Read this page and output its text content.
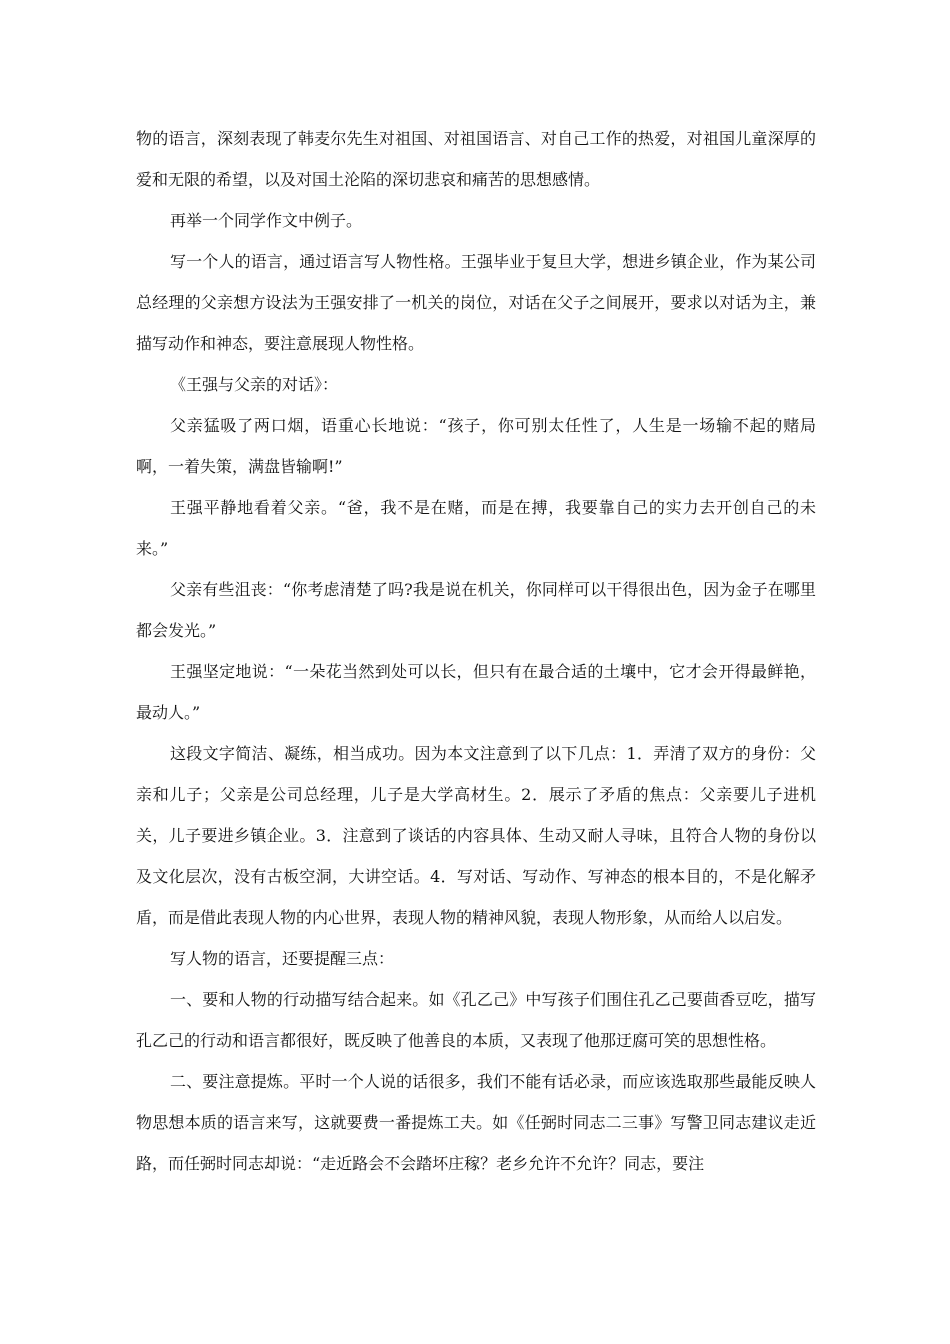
物的语言，深刻表现了韩麦尔先生对祖国、对祖国语言、对自己工作的热爱，对祖国儿童深厚的爱和无限的希望，以及对国土沦陷的深切悲哀和痛苦的思想感情。

再举一个同学作文中例子。

写一个人的语言，通过语言写人物性格。王强毕业于复旦大学，想进乡镇企业，作为某公司总经理的父亲想方设法为王强安排了一机关的岗位，对话在父子之间展开，要求以对话为主，兼描写动作和神态，要注意展现人物性格。

《王强与父亲的对话》：

父亲猛吸了两口烟，语重心长地说：“孩子，你可别太任性了，人生是一场输不起的赌局啊，一着失策，满盘皆输啊!”

王强平静地看着父亲。“爸，我不是在赌，而是在搏，我要靠自己的实力去开创自己的未来。”

父亲有些沮丧：“你考虑清楚了吗?我是说在机关，你同样可以干得很出色，因为金子在哪里都会发光。”

王强坚定地说：“一朵花当然到处可以长，但只有在最合适的土壤中，它才会开得最鲜艳，最动人。”

这段文字简洁、凝练，相当成功。因为本文注意到了以下几点：1．弄清了双方的身份：父亲和儿子；父亲是公司总经理，儿子是大学高材生。2．展示了矛盾的焦点：父亲要儿子进机关，儿子要进乡镇企业。3．注意到了谈话的内容具体、生动又耐人寻味，且符合人物的身份以及文化层次，没有古板空洞，大讲空话。4．写对话、写动作、写神态的根本目的，不是化解矛盾，而是借此表现人物的内心世界，表现人物的精神风貌，表现人物形象，从而给人以启发。

写人物的语言，还要提醒三点：

一、要和人物的行动描写结合起来。如《孔乙己》中写孩子们围住孔乙己要茴香豆吃，描写孔乙己的行动和语言都很好，既反映了他善良的本质，又表现了他那迂腐可笑的思想性格。

二、要注意提炼。平时一个人说的话很多，我们不能有话必录，而应该选取那些最能反映人物思想本质的语言来写，这就要费一番提炼工夫。如《任弼时同志二三事》写警卫同志建议走近路，而任弼时同志却说：“走近路会不会踏坏庄稼？老乡允许不允许？同志，要注
